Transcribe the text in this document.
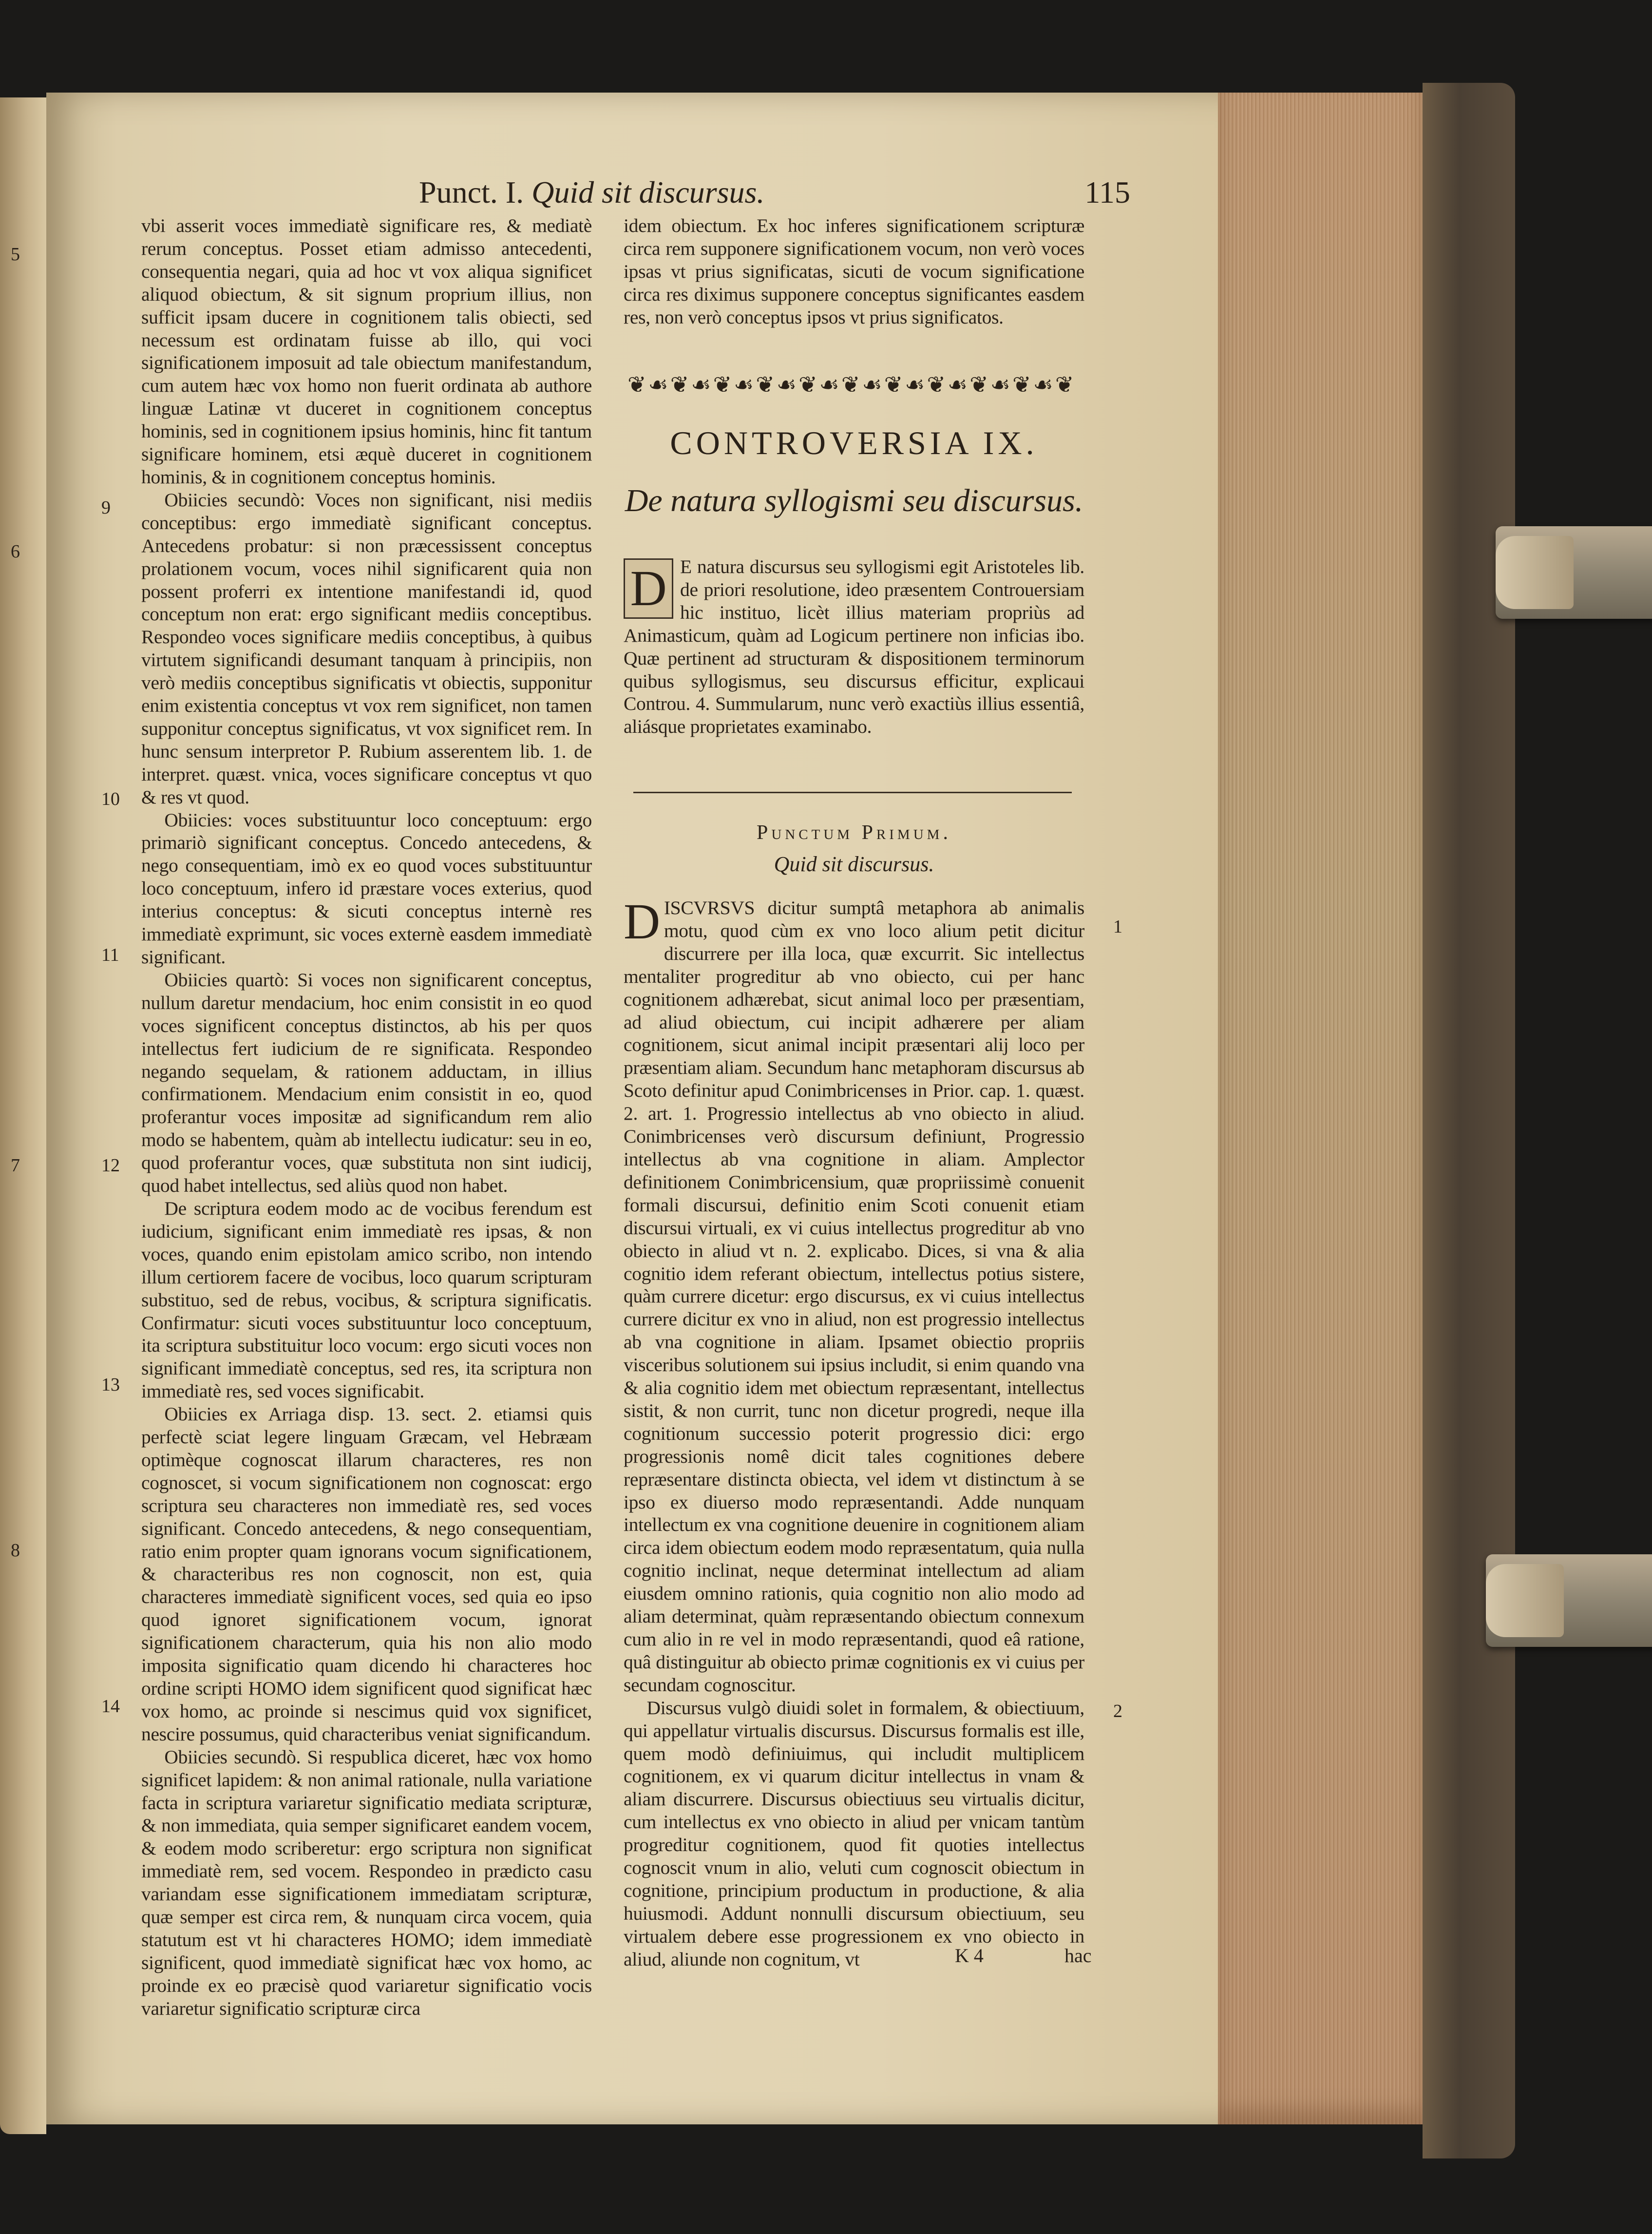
5
6
7
8
Punct. I. Quid sit discursus.	115
9
10
11
12
13
14

vbi asserit voces immediatè significare res, & mediatè rerum conceptus. Posset etiam admisso antecedenti, consequentia negari, quia ad hoc vt vox aliqua significet aliquod obiectum, & sit signum proprium illius, non sufficit ipsam ducere in cognitionem talis obiecti, sed necessum est ordinatam fuisse ab illo, qui voci significationem imposuit ad tale obiectum manifestandum, cum autem hæc vox homo non fuerit ordinata ab authore linguæ Latinæ vt duceret in cognitionem conceptus hominis, sed in cognitionem ipsius hominis, hinc fit tantum significare hominem, etsi æquè duceret in cognitionem hominis, & in cognitionem conceptus hominis.

Obiicies secundò: Voces non significant, nisi mediis conceptibus: ergo immediatè significant conceptus. Antecedens probatur: si non præcessissent conceptus prolationem vocum, voces nihil significarent quia non possent proferri ex intentione manifestandi id, quod conceptum non erat: ergo significant mediis conceptibus. Respondeo voces significare mediis conceptibus, à quibus virtutem significandi desumant tanquam à principiis, non verò mediis conceptibus significatis vt obiectis, supponitur enim existentia conceptus vt vox rem significet, non tamen supponitur conceptus significatus, vt vox significet rem. In hunc sensum interpretor P. Rubium asserentem lib. 1. de interpret. quæst. vnica, voces significare conceptus vt quo & res vt quod.

Obiicies: voces substituuntur loco conceptuum: ergo primariò significant conceptus. Concedo antecedens, & nego consequentiam, imò ex eo quod voces substituuntur loco conceptuum, infero id præstare voces exterius, quod interius conceptus: & sicuti conceptus internè res immediatè exprimunt, sic voces externè easdem immediatè significant.

Obiicies quartò: Si voces non significarent conceptus, nullum daretur mendacium, hoc enim consistit in eo quod voces significent conceptus distinctos, ab his per quos intellectus fert iudicium de re significata. Respondeo negando sequelam, & rationem adductam, in illius confirmationem. Mendacium enim consistit in eo, quod proferantur voces impositæ ad significandum rem alio modo se habentem, quàm ab intellectu iudicatur: seu in eo, quod proferantur voces, quæ substituta non sint iudicij, quod habet intellectus, sed aliùs quod non habet.

De scriptura eodem modo ac de vocibus ferendum est iudicium, significant enim immediatè res ipsas, & non voces, quando enim epistolam amico scribo, non intendo illum certiorem facere de vocibus, loco quarum scripturam substituo, sed de rebus, vocibus, & scriptura significatis. Confirmatur: sicuti voces substituuntur loco conceptuum, ita scriptura substituitur loco vocum: ergo sicuti voces non significant immediatè conceptus, sed res, ita scriptura non immediatè res, sed voces significabit.

Obiicies ex Arriaga disp. 13. sect. 2. etiamsi quis perfectè sciat legere linguam Græcam, vel Hebræam optimèque cognoscat illarum characteres, res non cognoscet, si vocum significationem non cognoscat: ergo scriptura seu characteres non immediatè res, sed voces significant. Concedo antecedens, & nego consequentiam, ratio enim propter quam ignorans vocum significationem, & characteribus res non cognoscit, non est, quia characteres immediatè significent voces, sed quia eo ipso quod ignoret significationem vocum, ignorat significationem characterum, quia his non alio modo imposita significatio quam dicendo hi characteres hoc ordine scripti HOMO idem significent quod significat hæc vox homo, ac proinde si nescimus quid vox significet, nescire possumus, quid characteribus veniat significandum.

Obiicies secundò. Si respublica diceret, hæc vox homo significet lapidem: & non animal rationale, nulla variatione facta in scriptura variaretur significatio mediata scripturæ, & non immediata, quia semper significaret eandem vocem, & eodem modo scriberetur: ergo scriptura non significat immediatè rem, sed vocem. Respondeo in prædicto casu variandam esse significationem immediatam scripturæ, quæ semper est circa rem, & nunquam circa vocem, quia statutum est vt hi characteres HOMO; idem immediatè significent, quod immediatè significat hæc vox homo, ac proinde ex eo præcisè quod variaretur significatio vocis variaretur significatio scripturæ circa

idem obiectum. Ex hoc inferes significationem scripturæ circa rem supponere significationem vocum, non verò voces ipsas vt prius significatas, sicuti de vocum significatione circa res diximus supponere conceptus significantes easdem res, non verò conceptus ipsos vt prius significatos.

❦☙❦☙❦☙❦☙❦☙❦☙❦☙❦☙❦☙❦☙❦
CONTROVERSIA IX.
De natura syllogismi seu discursus.

D E natura discursus seu syllogismi egit Aristoteles lib. de priori resolutione, ideo præsentem Controuersiam hic instituo, licèt illius materiam propriùs ad Animasticum, quàm ad Logicum pertinere non inficias ibo. Quæ pertinent ad structuram & dispositionem terminorum quibus syllogismus, seu discursus efficitur, explicaui Controu. 4. Summularum, nunc verò exactiùs illius essentiâ, aliásque proprietates examinabo.

Punctum Primum.
Quid sit discursus.
1
2

DISCVRSVS dicitur sumptâ metaphora ab animalis motu, quod cùm ex vno loco alium petit dicitur discurrere per illa loca, quæ excurrit. Sic intellectus mentaliter progreditur ab vno obiecto, cui per hanc cognitionem adhærebat, sicut animal loco per præsentiam, ad aliud obiectum, cui incipit adhærere per aliam cognitionem, sicut animal incipit præsentari alij loco per præsentiam aliam. Secundum hanc metaphoram discursus ab Scoto definitur apud Conimbricenses in Prior. cap. 1. quæst. 2. art. 1. Progressio intellectus ab vno obiecto in aliud. Conimbricenses verò discursum definiunt, Progressio intellectus ab vna cognitione in aliam. Amplector definitionem Conimbricensium, quæ propriissimè conuenit formali discursui, definitio enim Scoti conuenit etiam discursui virtuali, ex vi cuius intellectus progreditur ab vno obiecto in aliud vt n. 2. explicabo. Dices, si vna & alia cognitio idem referant obiectum, intellectus potius sistere, quàm currere dicetur: ergo discursus, ex vi cuius intellectus currere dicitur ex vno in aliud, non est progressio intellectus ab vna cognitione in aliam. Ipsamet obiectio propriis visceribus solutionem sui ipsius includit, si enim quando vna & alia cognitio idem met obiectum repræsentant, intellectus sistit, & non currit, tunc non dicetur progredi, neque illa cognitionum successio poterit progressio dici: ergo progressionis nomê dicit tales cognitiones debere repræsentare distincta obiecta, vel idem vt distinctum à se ipso ex diuerso modo repræsentandi. Adde nunquam intellectum ex vna cognitione deuenire in cognitionem aliam circa idem obiectum eodem modo repræsentatum, quia nulla cognitio inclinat, neque determinat intellectum ad aliam eiusdem omnino rationis, quia cognitio non alio modo ad aliam determinat, quàm repræsentando obiectum connexum cum alio in re vel in modo repræsentandi, quod eâ ratione, quâ distinguitur ab obiecto primæ cognitionis ex vi cuius per secundam cognoscitur.

Discursus vulgò diuidi solet in formalem, & obiectiuum, qui appellatur virtualis discursus. Discursus formalis est ille, quem modò definiuimus, qui includit multiplicem cognitionem, ex vi quarum dicitur intellectus in vnam & aliam discurrere. Discursus obiectiuus seu virtualis dicitur, cum intellectus ex vno obiecto in aliud per vnicam tantùm progreditur cognitionem, quod fit quoties intellectus cognoscit vnum in alio, veluti cum cognoscit obiectum in cognitione, principium productum in productione, & alia huiusmodi. Addunt nonnulli discursum obiectiuum, seu virtualem debere esse progressionem ex vno obiecto in aliud, aliunde non cognitum, vt	K 4	hac
